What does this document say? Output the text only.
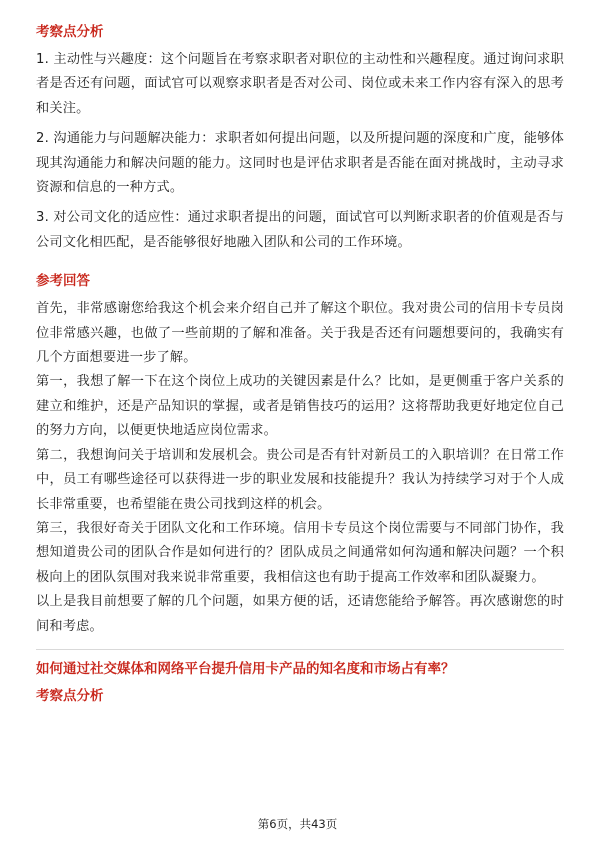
考察点分析

1. 主动性与兴趣度：这个问题旨在考察求职者对职位的主动性和兴趣程度。通过询问求职者是否还有问题，面试官可以观察求职者是否对公司、岗位或未来工作内容有深入的思考和关注。

2. 沟通能力与问题解决能力：求职者如何提出问题，以及所提问题的深度和广度，能够体现其沟通能力和解决问题的能力。这同时也是评估求职者是否能在面对挑战时，主动寻求资源和信息的一种方式。

3. 对公司文化的适应性：通过求职者提出的问题，面试官可以判断求职者的价值观是否与公司文化相匹配，是否能够很好地融入团队和公司的工作环境。

参考回答

首先，非常感谢您给我这个机会来介绍自己并了解这个职位。我对贵公司的信用卡专员岗位非常感兴趣，也做了一些前期的了解和准备。关于我是否还有问题想要问的，我确实有几个方面想要进一步了解。

第一，我想了解一下在这个岗位上成功的关键因素是什么？比如，是更侧重于客户关系的建立和维护，还是产品知识的掌握，或者是销售技巧的运用？这将帮助我更好地定位自己的努力方向，以便更快地适应岗位需求。

第二，我想询问关于培训和发展机会。贵公司是否有针对新员工的入职培训？在日常工作中，员工有哪些途径可以获得进一步的职业发展和技能提升？我认为持续学习对于个人成长非常重要，也希望能在贵公司找到这样的机会。

第三，我很好奇关于团队文化和工作环境。信用卡专员这个岗位需要与不同部门协作，我想知道贵公司的团队合作是如何进行的？团队成员之间通常如何沟通和解决问题？一个积极向上的团队氛围对我来说非常重要，我相信这也有助于提高工作效率和团队凝聚力。

以上是我目前想要了解的几个问题，如果方便的话，还请您能给予解答。再次感谢您的时间和考虑。

如何通过社交媒体和网络平台提升信用卡产品的知名度和市场占有率？
考察点分析
第6页，共43页
